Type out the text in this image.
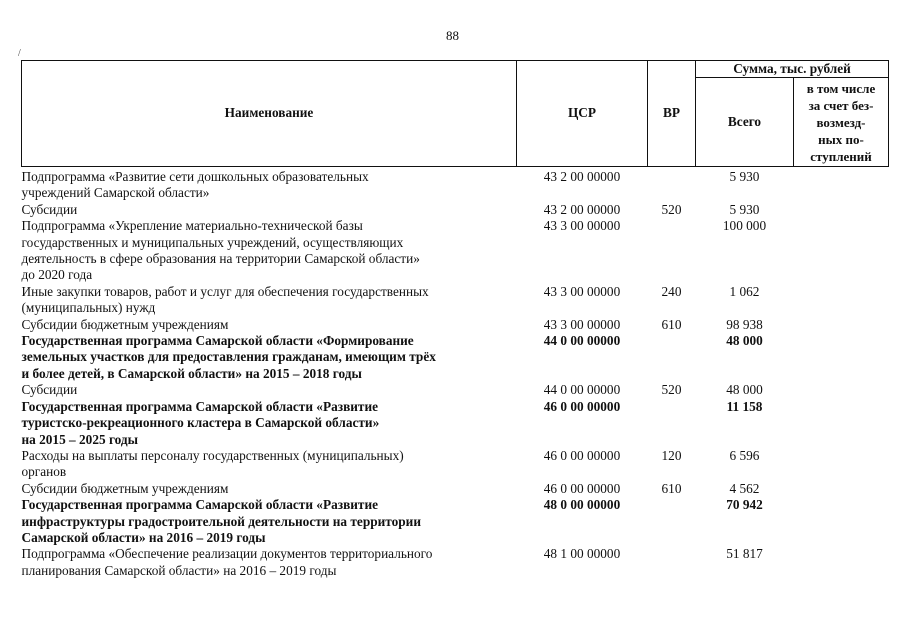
88
/
Наименование	ЦСР	ВР	Сумма, тыс. рублей	
			Всего	в том числе
за счет без-
возмезд-
ных по-
ступлений
Подпрограмма «Развитие сети дошкольных образовательных
учреждений Самарской области»	43 2 00 00000		5 930	
Субсидии	43 2 00 00000	520	5 930	
Подпрограмма «Укрепление материально-технической базы
государственных и муниципальных учреждений, осуществляющих
деятельность в сфере образования на территории Самарской области»
до 2020 года	43 3 00 00000		100 000	
Иные закупки товаров, работ и услуг для обеспечения государственных
(муниципальных) нужд	43 3 00 00000	240	1 062	
Субсидии бюджетным учреждениям	43 3 00 00000	610	98 938	
Государственная программа Самарской области «Формирование
земельных участков для предоставления гражданам, имеющим трёх
и более детей, в Самарской области» на 2015 – 2018 годы	44 0 00 00000		48 000	
Субсидии	44 0 00 00000	520	48 000	
Государственная программа Самарской области «Развитие
туристско-рекреационного кластера в Самарской области»
на 2015 – 2025 годы	46 0 00 00000		11 158	
Расходы на выплаты персоналу государственных (муниципальных)
органов	46 0 00 00000	120	6 596	
Субсидии бюджетным учреждениям	46 0 00 00000	610	4 562	
Государственная программа Самарской области «Развитие
инфраструктуры градостроительной деятельности на территории
Самарской области» на 2016 – 2019 годы	48 0 00 00000		70 942	
Подпрограмма «Обеспечение реализации документов территориального
планирования Самарской области» на 2016 – 2019 годы	48 1 00 00000		51 817	
